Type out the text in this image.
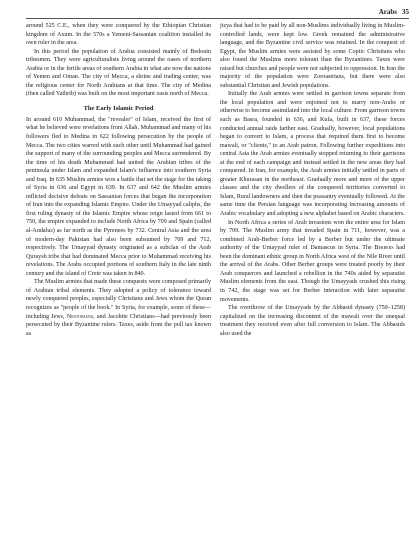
Arabs 35

around 525 C.E., when they were conquered by the Ethiopian Christian kingdom of Axum. In the 570s a Yemeni-Sassanian coalition installed its own ruler in the area.

In this period the population of Arabia consisted mainly of Bedouin tribesmen. They were agriculturalists living around the oases of northern Arabia or in the fertile areas of southern Arabia in what are now the nations of Yemen and Oman. The city of Mecca, a shrine and trading center, was the religious center for North Arabians at that time. The city of Medina (then called Yathrib) was built on the most important oasis north of Mecca.

The Early Islamic Period

In around 610 Muhammad, the "revealer" of Islam, received the first of what he believed were revelations from Allah. Muhammad and many of his followers fled to Medina in 622 following persecution by the people of Mecca. The two cities warred with each other until Muhammad had gained the support of many of the surrounding peoples and Mecca surrendered. By the time of his death Muhammad had united the Arabian tribes of the peninsula under Islam and expanded Islam's influence into southern Syria and Iraq. In 635 Muslim armies won a battle that set the stage for the taking of Syria in 636 and Egypt in 639. In 637 and 642 the Muslim armies inflicted decisive defeats on Sassanian forces that began the incorporation of Iran into the expanding Islamic Empire. Under the Umayyad caliphs, the first ruling dynasty of the Islamic Empire whose reign lasted from 661 to 750, the empire expanded to include North Africa by 709 and Spain (called al-Andalus) as far north as the Pyrenees by 732. Central Asia and the area of modern-day Pakistan had also been subsumed by 709 and 712, respectively. The Umayyad dynasty originated as a subclan of the Arab Quraysh tribe that had dominated Mecca prior to Muhammad receiving his revelations. The Arabs occupied portions of southern Italy in the late ninth century and the island of Crete was taken in 840.

The Muslim armies that made these conquests were composed primarily of Arabian tribal elements. They adopted a policy of tolerance toward newly conquered peoples, especially Christians and Jews whom the Quran recognizes as "people of the book." In Syria, for example, some of these—including Jews, Nestorians, and Jacobite Christians—had previously been persecuted by their Byzantine rulers. Taxes, aside from the poll tax known as

jizya that had to be paid by all non-Muslims individually living in Muslim-controlled lands, were kept low. Greek remained the administrative language, and the Byzantine civil service was retained. In the conquest of Egypt, the Muslim armies were assisted by some Coptic Christians who also found the Muslims more tolerant than the Byzantines. Taxes were raised but churches and people were not subjected to oppression. In Iran the majority of the population were Zoroastrians, but there were also substantial Christian and Jewish populations.

Initially the Arab armies were settled in garrison towns separate from the local population and were enjoined not to marry non-Arabs or otherwise to become assimilated into the local culture. From garrison towns such as Basra, founded in 636, and Kufa, built in 637, these forces conducted annual raids farther east. Gradually, however, local populations began to convert to Islam, a process that required them first to become mawali, or "clients," to an Arab patron. Following further expeditions into central Asia the Arab armies eventually stopped returning to their garrisons at the end of each campaign and instead settled in the new areas they had conquered. In Iran, for example, the Arab armies initially settled in parts of greater Khurasan in the northeast. Gradually more and more of the upper classes and the city dwellers of the conquered territories converted to Islam, Rural landowners and then the peasantry eventually followed. At the same time the Persian language was incorporating increasing amounts of Arabic vocabulary and adopting a new alphabet based on Arabic characters.

In North Africa a series of Arab invasions won the entire area for Islam by 709. The Muslim army that invaded Spain in 711, however, was a combined Arab-Berber force led by a Berber but under the ultimate authority of the Umayyad ruler of Damascus in Syria. The Berbers had been the dominant ethnic group in North Africa west of the Nile River until the arrival of the Arabs. Other Berber groups were treated poorly by their Arab conquerors and launched a rebellion in the 740s aided by separatist Muslim elements from the east. Though the Umayyads crushed this rising in 742, the stage was set for Berber interaction with later separatist movements.

The overthrow of the Umayyads by the Abbasid dynasty (750–1258) capitalized on the increasing discontent of the mawali over the unequal treatment they received even after full conversion to Islam. The Abbasids also used the
